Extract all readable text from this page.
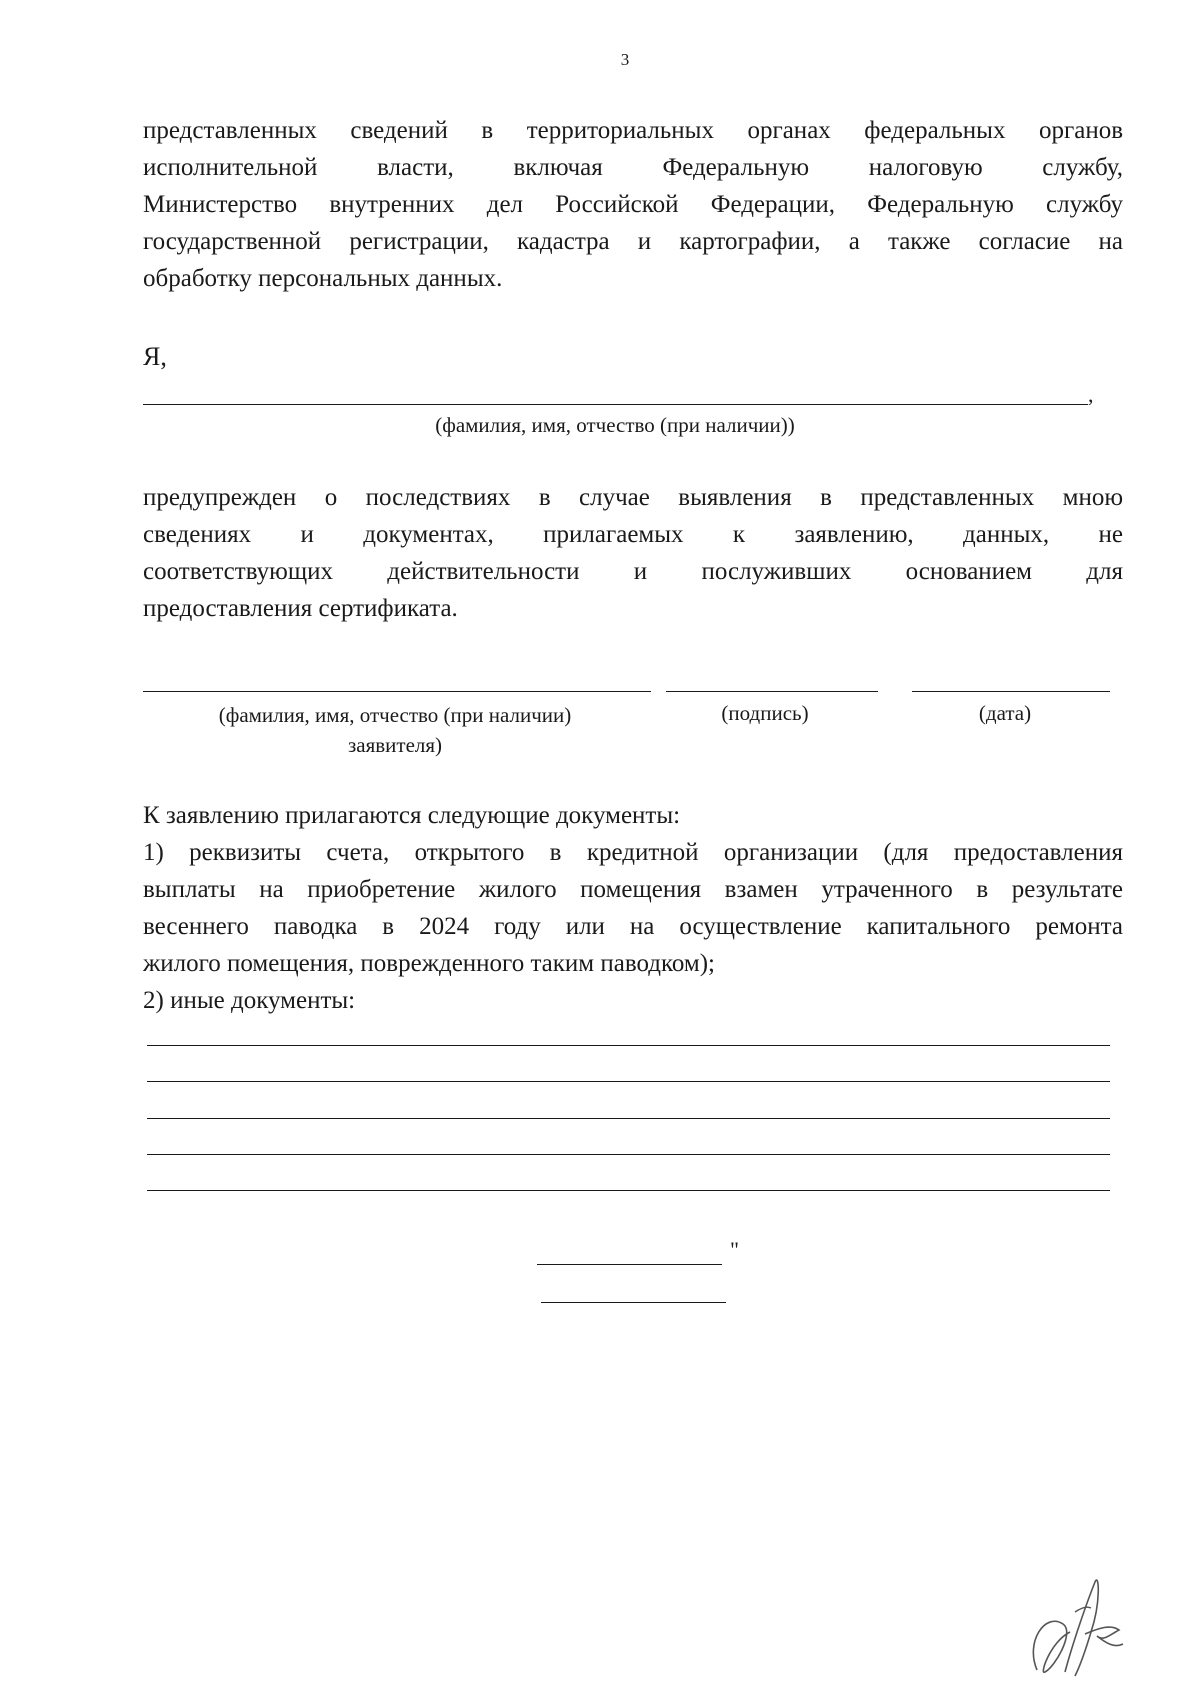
3
представленных сведений в территориальных органах федеральных органов
исполнительной власти, включая Федеральную налоговую службу,
Министерство внутренних дел Российской Федерации, Федеральную службу
государственной регистрации, кадастра и картографии, а также согласие на
обработку персональных данных.
Я,
,
(фамилия, имя, отчество (при наличии))
предупрежден о последствиях в случае выявления в представленных мною
сведениях и документах, прилагаемых к заявлению, данных, не
соответствующих действительности и послуживших основанием для
предоставления сертификата.
(фамилия, имя, отчество (при наличии)
заявителя)
(подпись)	(дата)
К заявлению прилагаются следующие документы:
1) реквизиты счета, открытого в кредитной организации (для предоставления
выплаты на приобретение жилого помещения взамен утраченного в результате
весеннего паводка в 2024 году или на осуществление капитального ремонта
жилого помещения, поврежденного таким паводком);
2) иные документы:
"
